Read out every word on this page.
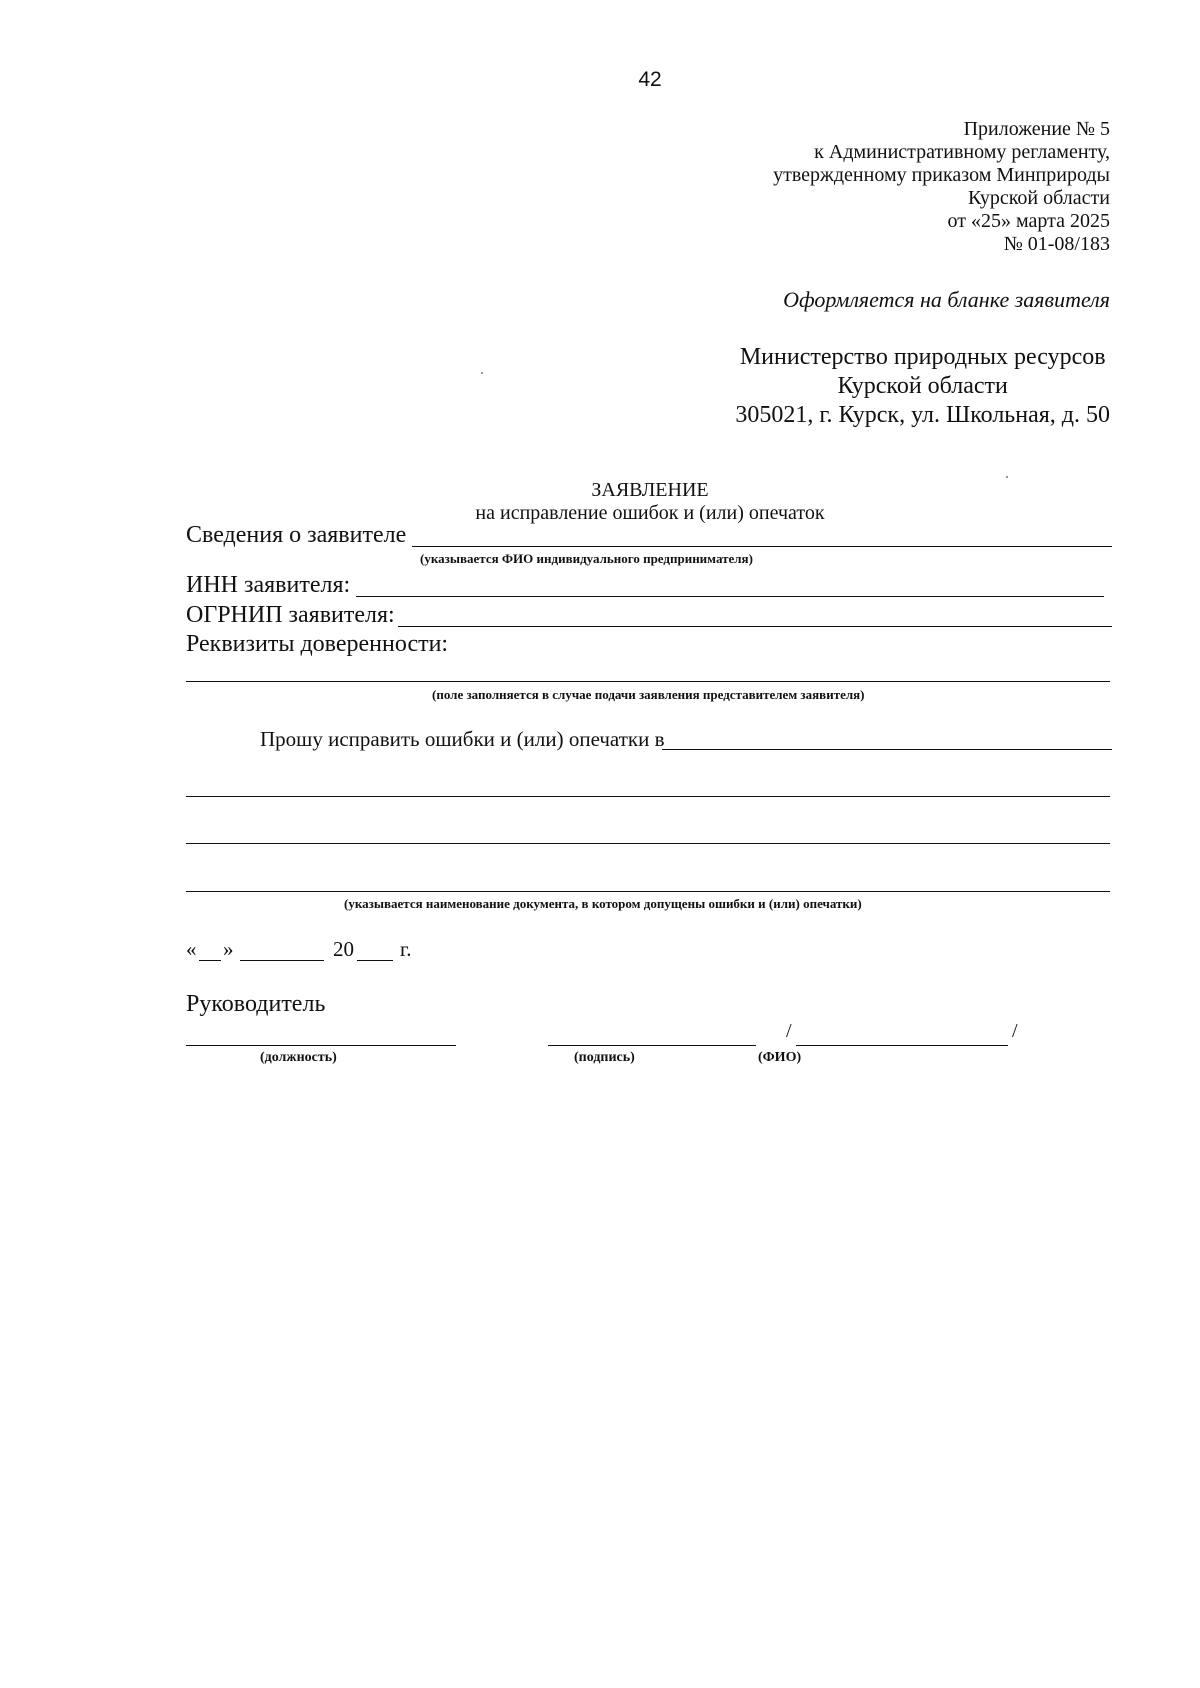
42
Приложение № 5
к Административному регламенту,
утвержденному приказом Минприроды
Курской области
от «25» марта 2025
№ 01-08/183
Оформляется на бланке заявителя
Министерство природных ресурсов
Курской области
305021, г. Курск, ул. Школьная, д. 50
ЗАЯВЛЕНИЕ
на исправление ошибок и (или) опечаток
Сведения о заявителе
(указывается ФИО индивидуального предпринимателя)
ИНН заявителя:
ОГРНИП заявителя:
Реквизиты доверенности:
(поле заполняется в случае подачи заявления представителем заявителя)
Прошу исправить ошибки и (или) опечатки в
(указывается наименование документа, в котором допущены ошибки и (или) опечатки)
« »	20 г.
Руководитель
/	/
(должность)	(подпись)	(ФИО)
